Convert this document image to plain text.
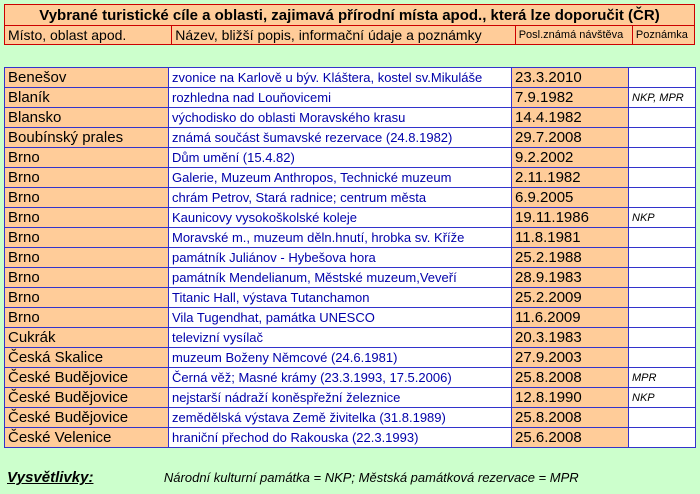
Vybrané turistické cíle a oblasti, zajimavá přírodní místa apod., která lze doporučit (ČR)
Místo, oblast apod.	Název, bližší popis, informační údaje a poznámky	Posl.známá návštěva	Poznámka
Benešov	zvonice na Karlově u býv. Kláštera, kostel sv.Mikuláše	23.3.2010	
Blaník	rozhledna nad Louňovicemi	7.9.1982	NKP, MPR
Blansko	východisko do oblasti Moravského krasu	14.4.1982	
Boubínský prales	známá součást šumavské rezervace (24.8.1982)	29.7.2008	
Brno	Dům umění (15.4.82)	9.2.2002	
Brno	Galerie, Muzeum Anthropos, Technické muzeum	2.11.1982	
Brno	chrám Petrov, Stará radnice; centrum města	6.9.2005	
Brno	Kaunicovy vysokoškolské koleje	19.11.1986	NKP
Brno	Moravské m., muzeum děln.hnutí, hrobka sv. Kříže	11.8.1981	
Brno	památník Juliánov - Hybešova hora	25.2.1988	
Brno	památník Mendelianum, Městské muzeum,Veveří	28.9.1983	
Brno	Titanic Hall, výstava Tutanchamon	25.2.2009	
Brno	Vila Tugendhat, památka UNESCO	11.6.2009	
Cukrák	televizní vysílač	20.3.1983	
Česká Skalice	muzeum Boženy Němcové (24.6.1981)	27.9.2003	
České Budějovice	Černá věž; Masné krámy (23.3.1993, 17.5.2006)	25.8.2008	MPR
České Budějovice	nejstarší nádraží koněspřežní železnice	12.8.1990	NKP
České Budějovice	zemědělská výstava Země živitelka (31.8.1989)	25.8.2008	
České Velenice	hraniční přechod do Rakouska (22.3.1993)	25.6.2008	
Vysvětlivky:	Národní kulturní památka = NKP; Městská památková rezervace = MPR
